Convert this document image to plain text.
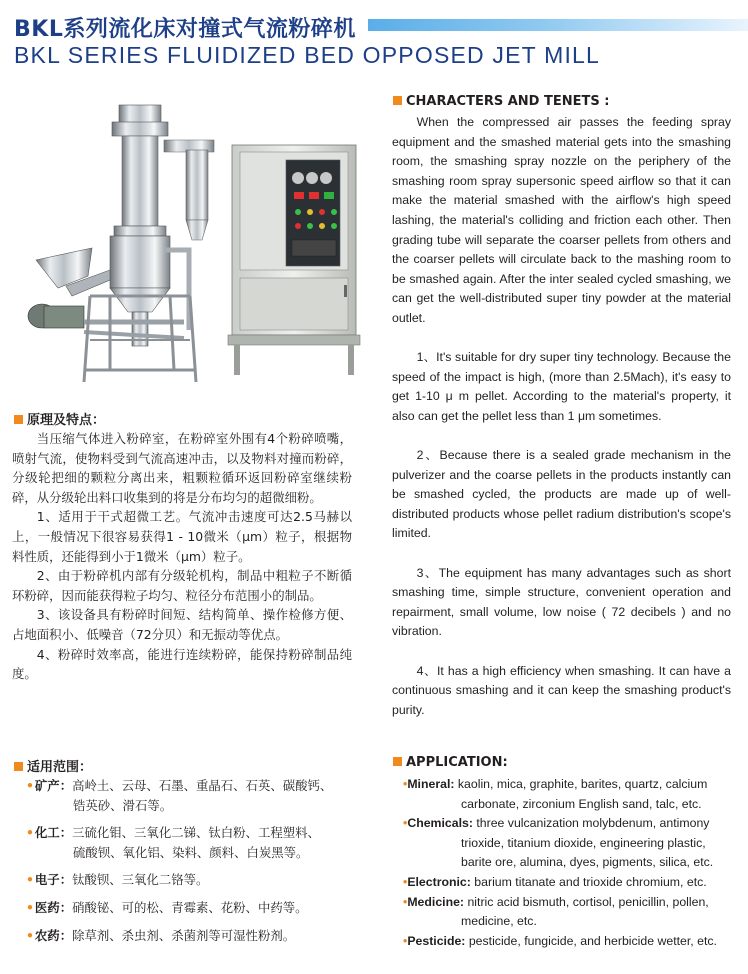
BKL系列流化床对撞式气流粉碎机
BKL SERIES FLUIDIZED BED OPPOSED JET MILL
CHARACTERS AND TENETS :

When the compressed air passes the feeding spray equipment and the smashed material gets into the smashing room, the smashing spray nozzle on the periphery of the smashing room spray supersonic speed airflow so that it can make the material smashed with the airflow's high speed lashing, the material's colliding and friction each other. Then grading tube will separate the coarser pellets from others and the coarser pellets will circulate back to the mashing room to be smashed again. After the inter sealed cycled smashing, we can get the well-distributed super tiny powder at the material outlet.

1、It's suitable for dry super tiny technology. Because the speed of the impact is high, (more than 2.5Mach), it's easy to get 1-10 μ m pellet. According to the material's property, it also can get the pellet less than 1 μm sometimes.

2、Because there is a sealed grade mechanism in the pulverizer and the coarse pellets in the products instantly can be smashed cycled, the products are made up of well-distributed products whose pellet radium distribution's scope's limited.

3、The equipment has many advantages such as short smashing time, simple structure, convenient operation and repairment, small volume, low noise ( 72 decibels ) and no vibration.

4、It has a high efficiency when smashing. It can have a continuous smashing and it can keep the smashing product's purity.

原理及特点：

当压缩气体进入粉碎室，在粉碎室外围有4个粉碎喷嘴，喷射气流，使物料受到气流高速冲击，以及物料对撞而粉碎，分级轮把细的颗粒分离出来，粗颗粒循环返回粉碎室继续粉碎，从分级轮出料口收集到的将是分布均匀的超微细粉。

1、适用于干式超微工艺。气流冲击速度可达2.5马赫以上，一般情况下很容易获得1 - 10微米（μm）粒子，根据物料性质，还能得到小于1微米（μm）粒子。

2、由于粉碎机内部有分级轮机构，制品中粗粒子不断循环粉碎，因而能获得粒子均匀、粒径分布范围小的制品。

3、该设备具有粉碎时间短、结构简单、操作检修方便、占地面积小、低噪音（72分贝）和无振动等优点。

4、粉碎时效率高，能进行连续粉碎，能保持粉碎制品纯度。

适用范围：
•矿产：高岭土、云母、石墨、重晶石、石英、碳酸钙、
锆英砂、滑石等。
•化工：三硫化钼、三氧化二锑、钛白粉、工程塑料、
硫酸钡、氧化铝、染料、颜料、白炭黑等。
•电子：钛酸钡、三氧化二铬等。
•医药：硝酸铋、可的松、青霉素、花粉、中药等。
•农药：除草剂、杀虫剂、杀菌剂等可湿性粉剂。
APPLICATION:
•Mineral: kaolin, mica, graphite, barites, quartz, calcium
carbonate, zirconium English sand, talc, etc.
•Chemicals: three vulcanization molybdenum, antimony
trioxide, titanium dioxide, engineering plastic,
barite ore, alumina, dyes, pigments, silica, etc.
•Electronic: barium titanate and trioxide chromium, etc.
•Medicine: nitric acid bismuth, cortisol, penicillin, pollen,
medicine, etc.
•Pesticide: pesticide, fungicide, and herbicide wetter, etc.
